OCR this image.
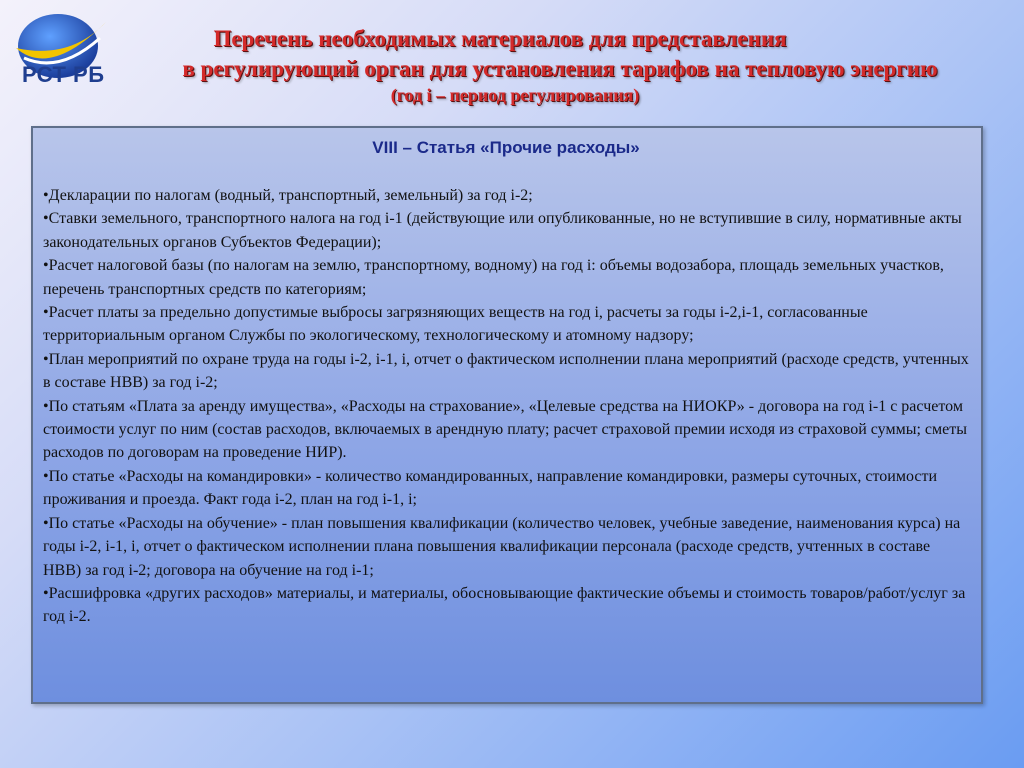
РСТ РБ
Перечень необходимых материалов для представления
в регулирующий орган для установления тарифов на тепловую энергию
(год i – период регулирования)
VIII – Статья «Прочие расходы»
•Декларации по налогам (водный, транспортный, земельный) за год i-2;
•Ставки земельного, транспортного налога на год i-1 (действующие или опубликованные, но не вступившие в силу, нормативные акты законодательных органов Субъектов Федерации);
•Расчет налоговой базы (по налогам на землю, транспортному, водному) на год i: объемы водозабора, площадь земельных участков, перечень транспортных средств по категориям;
•Расчет платы за предельно допустимые выбросы загрязняющих веществ на год i, расчеты за годы i-2,i-1, согласованные территориальным органом Службы по экологическому, технологическому и атомному надзору;
•План мероприятий по охране труда на годы i-2, i-1, i, отчет о фактическом исполнении плана мероприятий (расходе средств, учтенных в составе НВВ) за год i-2;
•По статьям «Плата за аренду имущества», «Расходы на страхование», «Целевые средства на НИОКР» - договора на год i-1 с расчетом стоимости услуг по ним (состав расходов, включаемых в арендную плату; расчет страховой премии исходя из страховой суммы; сметы расходов по договорам на проведение НИР).
•По статье «Расходы на командировки» - количество командированных, направление командировки, размеры суточных, стоимости проживания и проезда. Факт года i-2, план на год i-1, i;
•По статье «Расходы на обучение» - план повышения квалификации (количество человек, учебные заведение, наименования курса) на годы i-2, i-1, i, отчет о фактическом исполнении плана повышения квалификации персонала (расходе средств, учтенных в составе НВВ) за год i-2; договора на обучение на год i-1;
•Расшифровка «других расходов» материалы, и материалы, обосновывающие фактические объемы и стоимость товаров/работ/услуг за год i-2.
